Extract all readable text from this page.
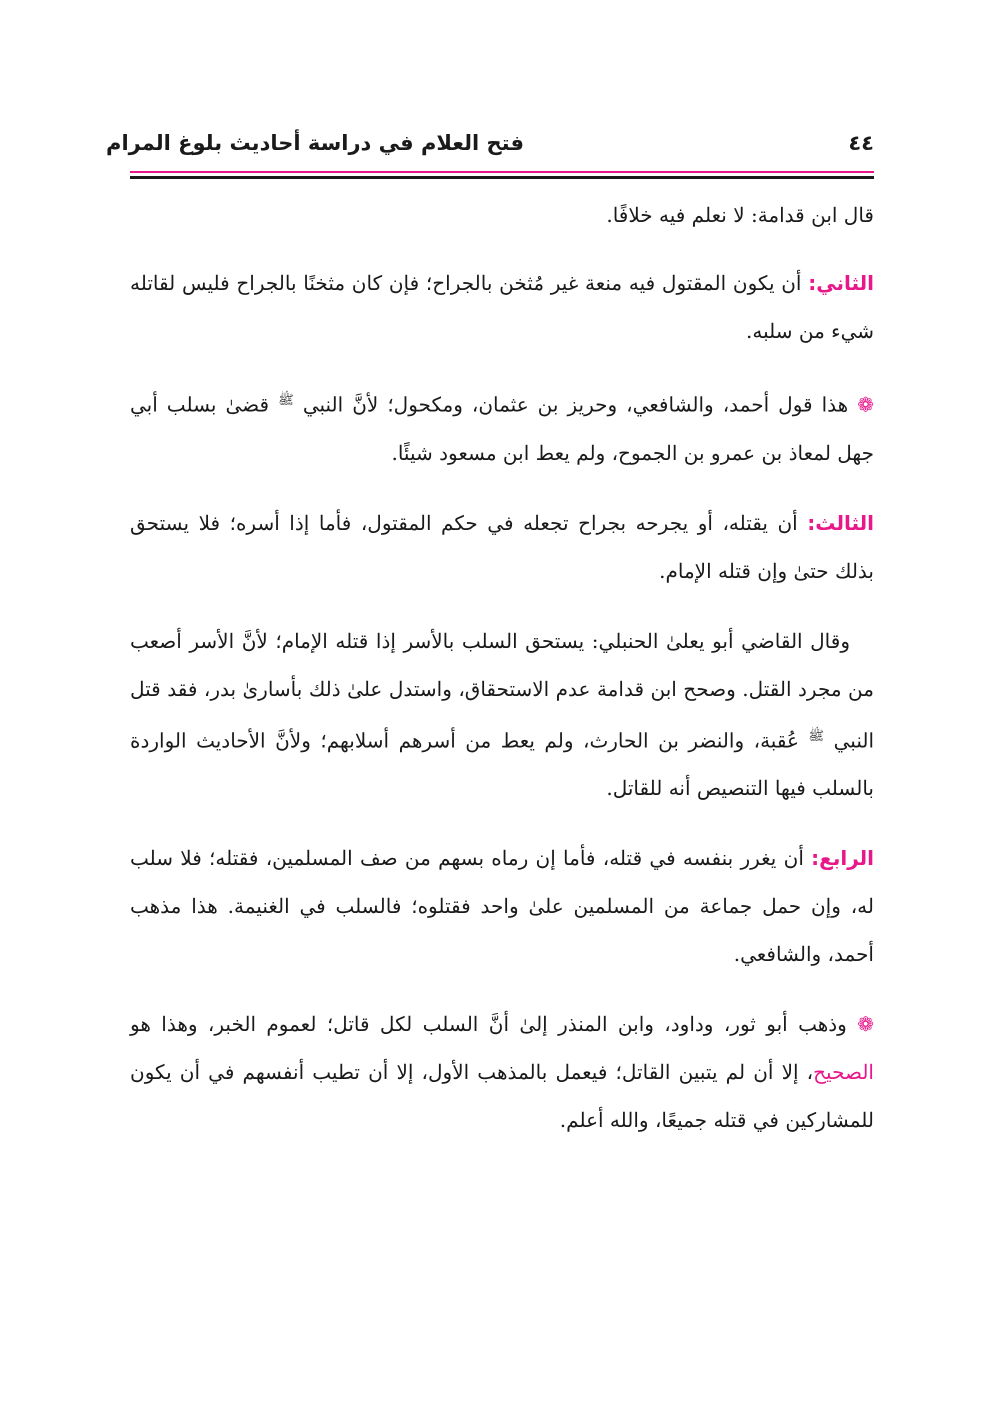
٤٤
فتح العلام في دراسة أحاديث بلوغ المرام

قال ابن قدامة: لا نعلم فيه خلافًا.

الثاني: أن يكون المقتول فيه منعة غير مُثخن بالجراح؛ فإن كان مثخنًا بالجراح فليس لقاتله شيء من سلبه.

❁ هذا قول أحمد، والشافعي، وحريز بن عثمان، ومكحول؛ لأنَّ النبي $^ﷺ$ قضىٰ بسلب أبي جهل لمعاذ بن عمرو بن الجموح، ولم يعط ابن مسعود شيئًا.

الثالث: أن يقتله، أو يجرحه بجراح تجعله في حكم المقتول، فأما إذا أسره؛ فلا يستحق بذلك حتىٰ وإن قتله الإمام.

وقال القاضي أبو يعلىٰ الحنبلي: يستحق السلب بالأسر إذا قتله الإمام؛ لأنَّ الأسر أصعب من مجرد القتل. وصحح ابن قدامة عدم الاستحقاق، واستدل علىٰ ذلك بأسارىٰ بدر، فقد قتل النبي $^ﷺ$ عُقبة، والنضر بن الحارث، ولم يعط من أسرهم أسلابهم؛ ولأنَّ الأحاديث الواردة بالسلب فيها التنصيص أنه للقاتل.

الرابع: أن يغرر بنفسه في قتله، فأما إن رماه بسهم من صف المسلمين، فقتله؛ فلا سلب له، وإن حمل جماعة من المسلمين علىٰ واحد فقتلوه؛ فالسلب في الغنيمة. هذا مذهب أحمد، والشافعي.

❁ وذهب أبو ثور، وداود، وابن المنذر إلىٰ أنَّ السلب لكل قاتل؛ لعموم الخبر، وهذا هو الصحيح، إلا أن لم يتبين القاتل؛ فيعمل بالمذهب الأول، إلا أن تطيب أنفسهم في أن يكون للمشاركين في قتله جميعًا، والله أعلم.
